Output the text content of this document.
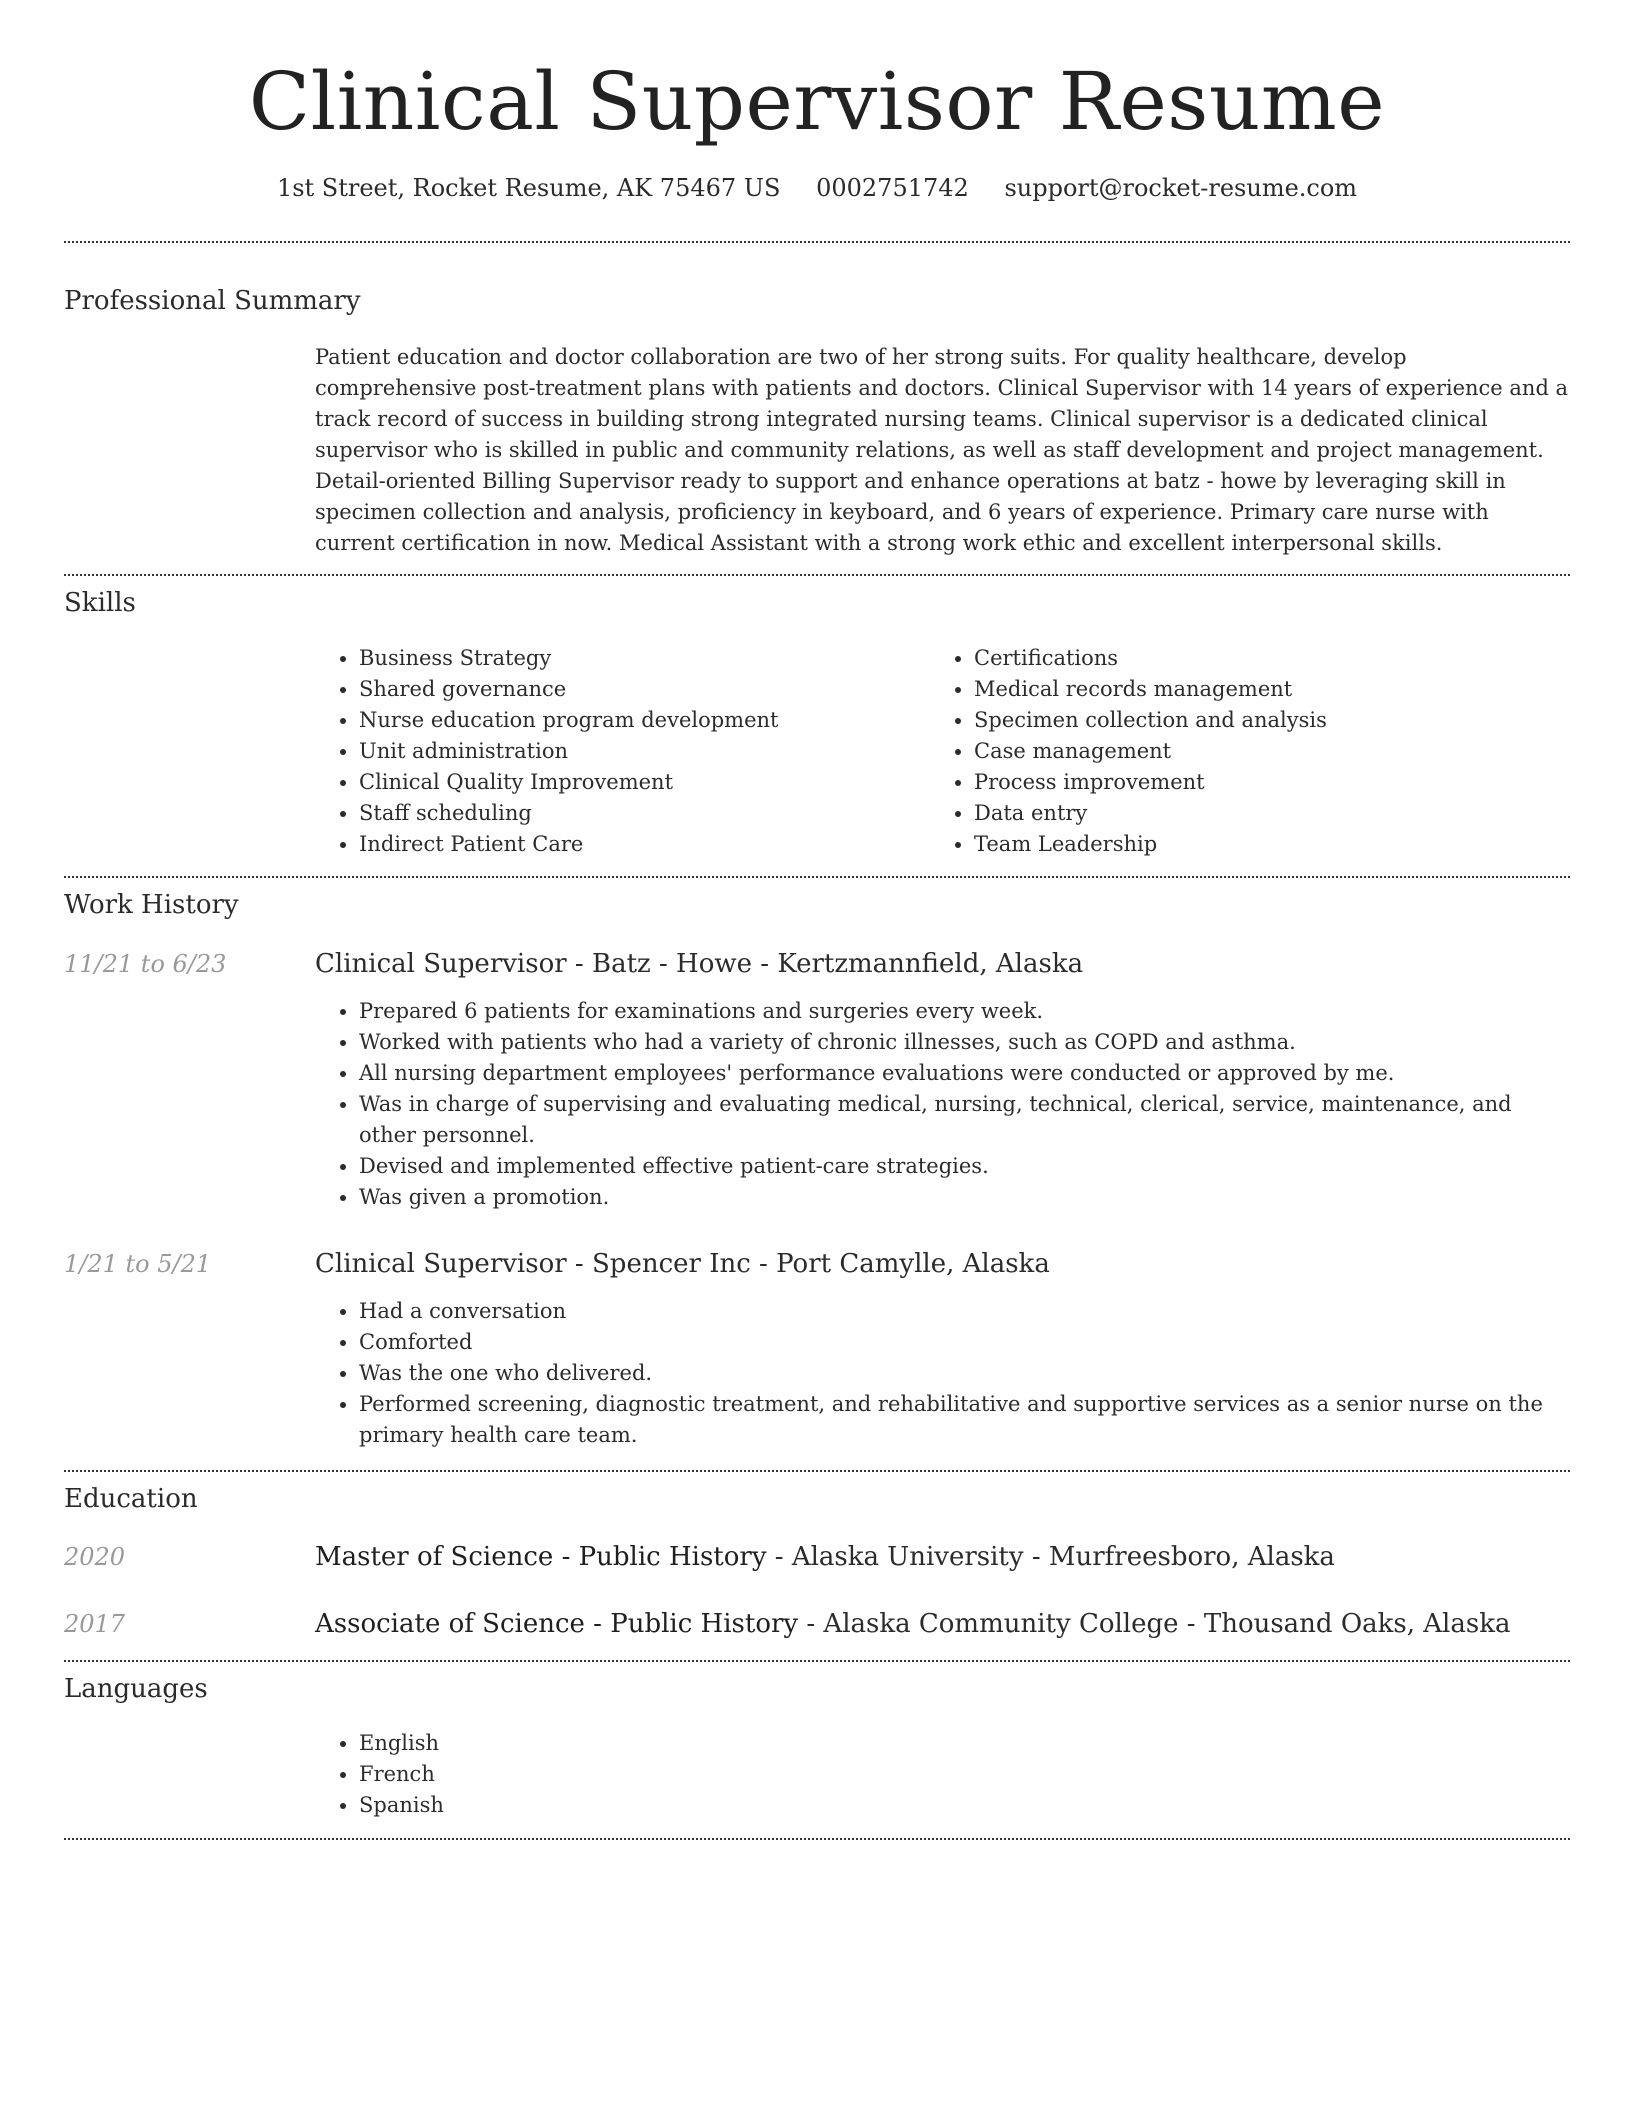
Clinical Supervisor Resume
1st Street, Rocket Resume, AK 75467 US 0002751742 support@rocket-resume.com
Professional Summary

Patient education and doctor collaboration are two of her strong suits. For quality healthcare, develop comprehensive post-treatment plans with patients and doctors. Clinical Supervisor with 14 years of experience and a track record of success in building strong integrated nursing teams. Clinical supervisor is a dedicated clinical supervisor who is skilled in public and community relations, as well as staff development and project management. Detail-oriented Billing Supervisor ready to support and enhance operations at batz - howe by leveraging skill in specimen collection and analysis, proficiency in keyboard, and 6 years of experience. Primary care nurse with current certification in now. Medical Assistant with a strong work ethic and excellent interpersonal skills.

Skills
• Business Strategy
• Shared governance
• Nurse education program development
• Unit administration
• Clinical Quality Improvement
• Staff scheduling
• Indirect Patient Care
• Certifications
• Medical records management
• Specimen collection and analysis
• Case management
• Process improvement
• Data entry
• Team Leadership
Work History
11/21 to 6/23	Clinical Supervisor - Batz - Howe - Kertzmannfield, Alaska
• Prepared 6 patients for examinations and surgeries every week.
• Worked with patients who had a variety of chronic illnesses, such as COPD and asthma.
• All nursing department employees' performance evaluations were conducted or approved by me.
• Was in charge of supervising and evaluating medical, nursing, technical, clerical, service, maintenance, and other personnel.
• Devised and implemented effective patient-care strategies.
• Was given a promotion.
1/21 to 5/21	Clinical Supervisor - Spencer Inc - Port Camylle, Alaska
• Had a conversation
• Comforted
• Was the one who delivered.
• Performed screening, diagnostic treatment, and rehabilitative and supportive services as a senior nurse on the primary health care team.
Education
2020	Master of Science - Public History - Alaska University - Murfreesboro, Alaska
2017	Associate of Science - Public History - Alaska Community College - Thousand Oaks, Alaska
Languages
• English
• French
• Spanish
